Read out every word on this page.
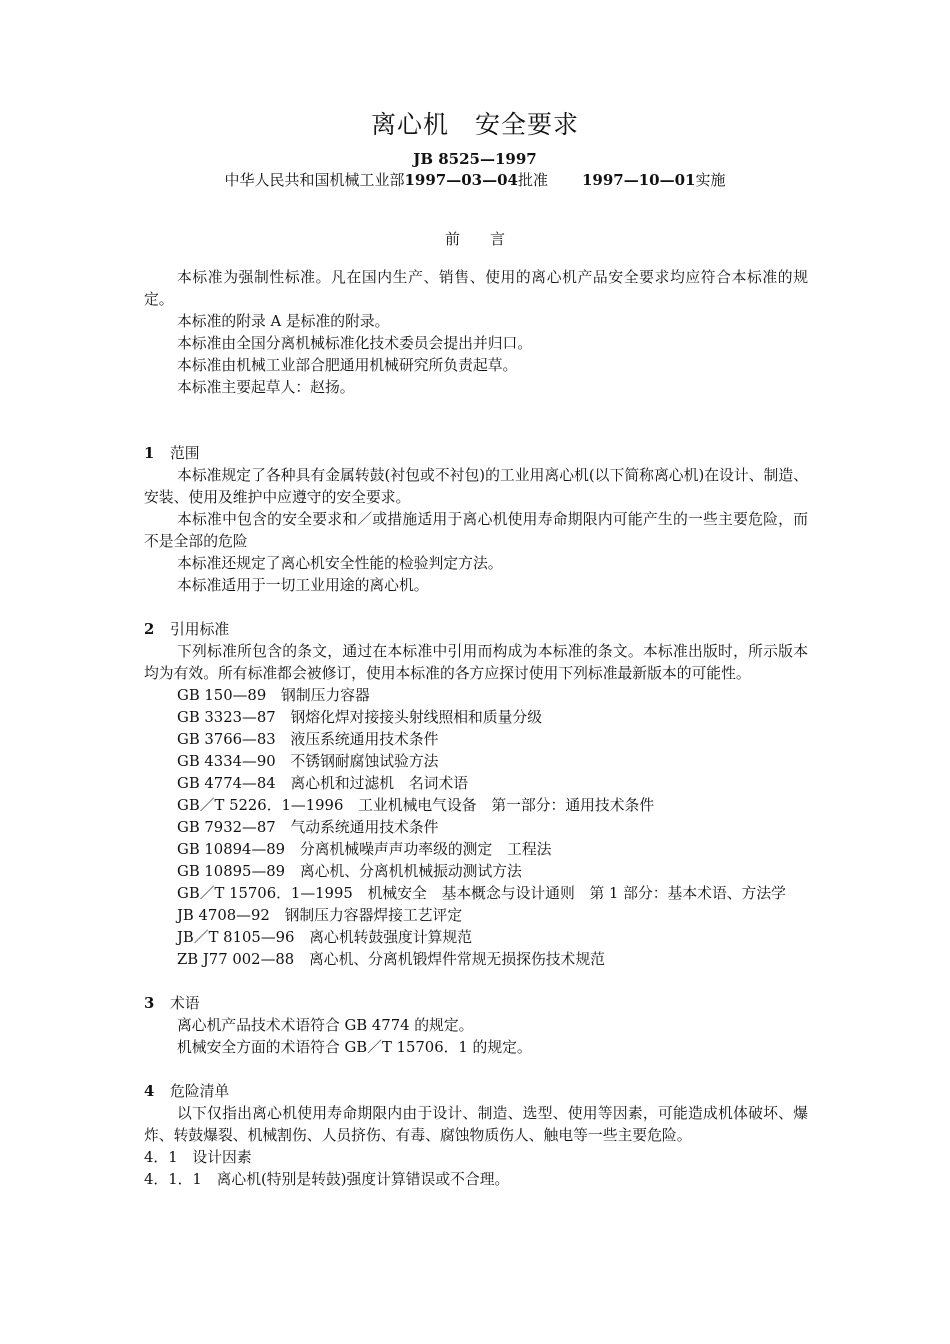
离心机　安全要求
JB 8525—1997
中华人民共和国机械工业部1997—03—04批准 1997—10—01实施
前　　言

本标准为强制性标准。凡在国内生产、销售、使用的离心机产品安全要求均应符合本标准的规定。

本标准的附录 A 是标准的附录。

本标准由全国分离机械标准化技术委员会提出并归口。

本标准由机械工业部合肥通用机械研究所负责起草。

本标准主要起草人：赵扬。

1 范围

本标准规定了各种具有金属转鼓(衬包或不衬包)的工业用离心机(以下简称离心机)在设计、制造、安装、使用及维护中应遵守的安全要求。

本标准中包含的安全要求和／或措施适用于离心机使用寿命期限内可能产生的一些主要危险，而不是全部的危险

本标准还规定了离心机安全性能的检验判定方法。

本标准适用于一切工业用途的离心机。

2 引用标准

下列标准所包含的条文，通过在本标准中引用而构成为本标准的条文。本标准出版时，所示版本均为有效。所有标准都会被修订，使用本标准的各方应探讨使用下列标准最新版本的可能性。

GB 150—89　钢制压力容器

GB 3323—87　钢熔化焊对接接头射线照相和质量分级

GB 3766—83　液压系统通用技术条件

GB 4334—90　不锈钢耐腐蚀试验方法

GB 4774—84　离心机和过滤机　名词术语

GB／T 5226．1—1996　工业机械电气设备　第一部分：通用技术条件

GB 7932—87　气动系统通用技术条件

GB 10894—89　分离机械噪声声功率级的测定　工程法

GB 10895—89　离心机、分离机机械振动测试方法

GB／T 15706．1—1995　机械安全　基本概念与设计通则　第 1 部分：基本术语、方法学

JB 4708—92　钢制压力容器焊接工艺评定

JB／T 8105—96　离心机转鼓强度计算规范

ZB J77 002—88　离心机、分离机锻焊件常规无损探伤技术规范

3 术语

离心机产品技术术语符合 GB 4774 的规定。

机械安全方面的术语符合 GB／T 15706．1 的规定。

4 危险清单

以下仅指出离心机使用寿命期限内由于设计、制造、选型、使用等因素，可能造成机体破坏、爆炸、转鼓爆裂、机械割伤、人员挤伤、有毒、腐蚀物质伤人、触电等一些主要危险。

4．1　设计因素

4．1．1　离心机(特别是转鼓)强度计算错误或不合理。
